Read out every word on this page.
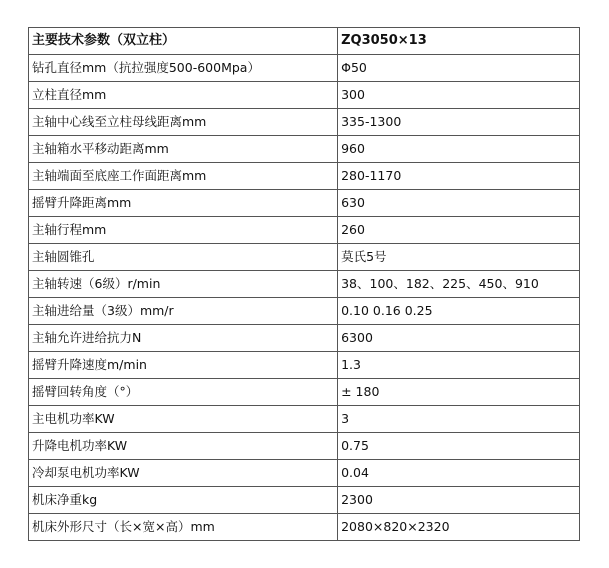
主要技术参数（双立柱）	ZQ3050×13
钻孔直径mm（抗拉强度500-600Mpa）	Φ50
立柱直径mm	300
主轴中心线至立柱母线距离mm	335-1300
主轴箱水平移动距离mm	960
主轴端面至底座工作面距离mm	280-1170
摇臂升降距离mm	630
主轴行程mm	260
主轴圆锥孔	莫氏5号
主轴转速（6级）r/min	38、100、182、225、450、910
主轴进给量（3级）mm/r	0.10 0.16 0.25
主轴允许进给抗力N	6300
摇臂升降速度m/min	1.3
摇臂回转角度（°）	± 180
主电机功率KW	3
升降电机功率KW	0.75
冷却泵电机功率KW	0.04
机床净重kg	2300
机床外形尺寸（长×宽×高）mm	2080×820×2320
